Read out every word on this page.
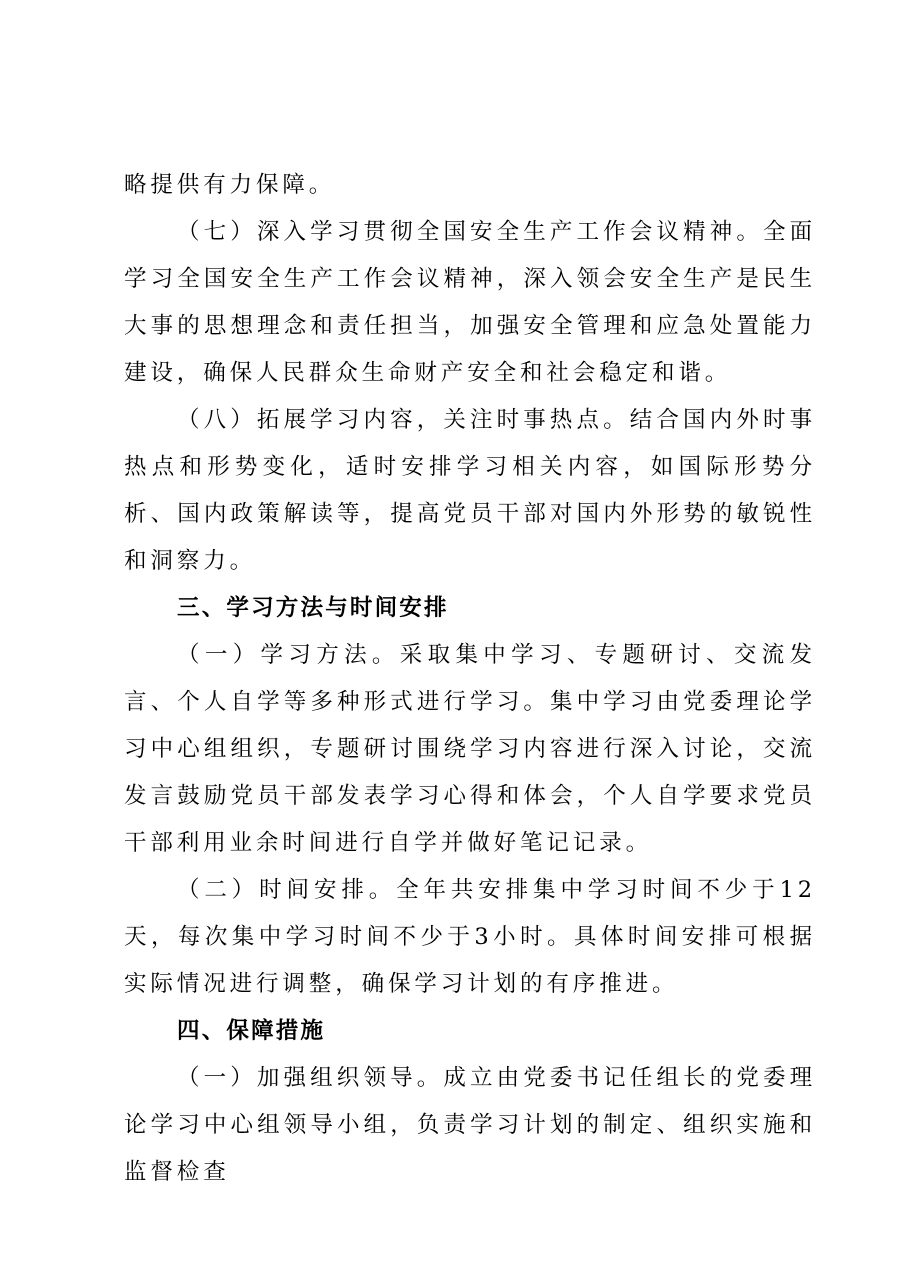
略提供有力保障。

（七）深入学习贯彻全国安全生产工作会议精神。全面学习全国安全生产工作会议精神，深入领会安全生产是民生大事的思想理念和责任担当，加强安全管理和应急处置能力建设，确保人民群众生命财产安全和社会稳定和谐。

（八）拓展学习内容，关注时事热点。结合国内外时事热点和形势变化，适时安排学习相关内容，如国际形势分析、国内政策解读等，提高党员干部对国内外形势的敏锐性和洞察力。

三、学习方法与时间安排

（一）学习方法。采取集中学习、专题研讨、交流发言、个人自学等多种形式进行学习。集中学习由党委理论学习中心组组织，专题研讨围绕学习内容进行深入讨论，交流发言鼓励党员干部发表学习心得和体会，个人自学要求党员干部利用业余时间进行自学并做好笔记记录。

（二）时间安排。全年共安排集中学习时间不少于12天，每次集中学习时间不少于3小时。具体时间安排可根据实际情况进行调整，确保学习计划的有序推进。

四、保障措施

（一）加强组织领导。成立由党委书记任组长的党委理论学习中心组领导小组，负责学习计划的制定、组织实施和监督检查
